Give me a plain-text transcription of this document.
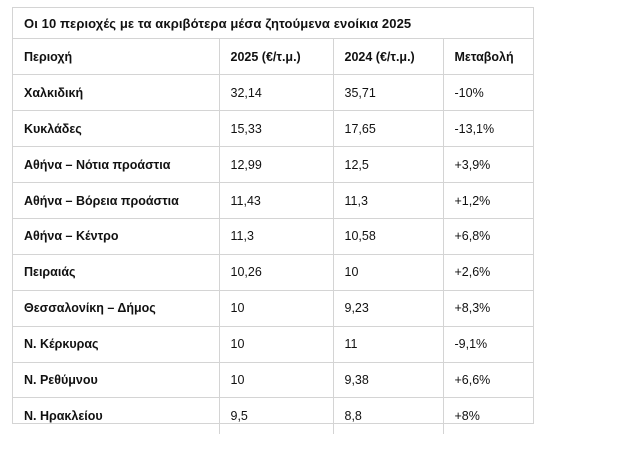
Οι 10 περιοχές με τα ακριβότερα μέσα ζητούμενα ενοίκια 2025
Περιοχή	2025 (€/τ.μ.)	2024 (€/τ.μ.)	Μεταβολή
Χαλκιδική	32,14	35,71	-10%
Κυκλάδες	15,33	17,65	-13,1%
Αθήνα – Νότια προάστια	12,99	12,5	+3,9%
Αθήνα – Βόρεια προάστια	11,43	11,3	+1,2%
Αθήνα – Κέντρο	11,3	10,58	+6,8%
Πειραιάς	10,26	10	+2,6%
Θεσσαλονίκη – Δήμος	10	9,23	+8,3%
Ν. Κέρκυρας	10	11	-9,1%
Ν. Ρεθύμνου	10	9,38	+6,6%
Ν. Ηρακλείου	9,5	8,8	+8%
